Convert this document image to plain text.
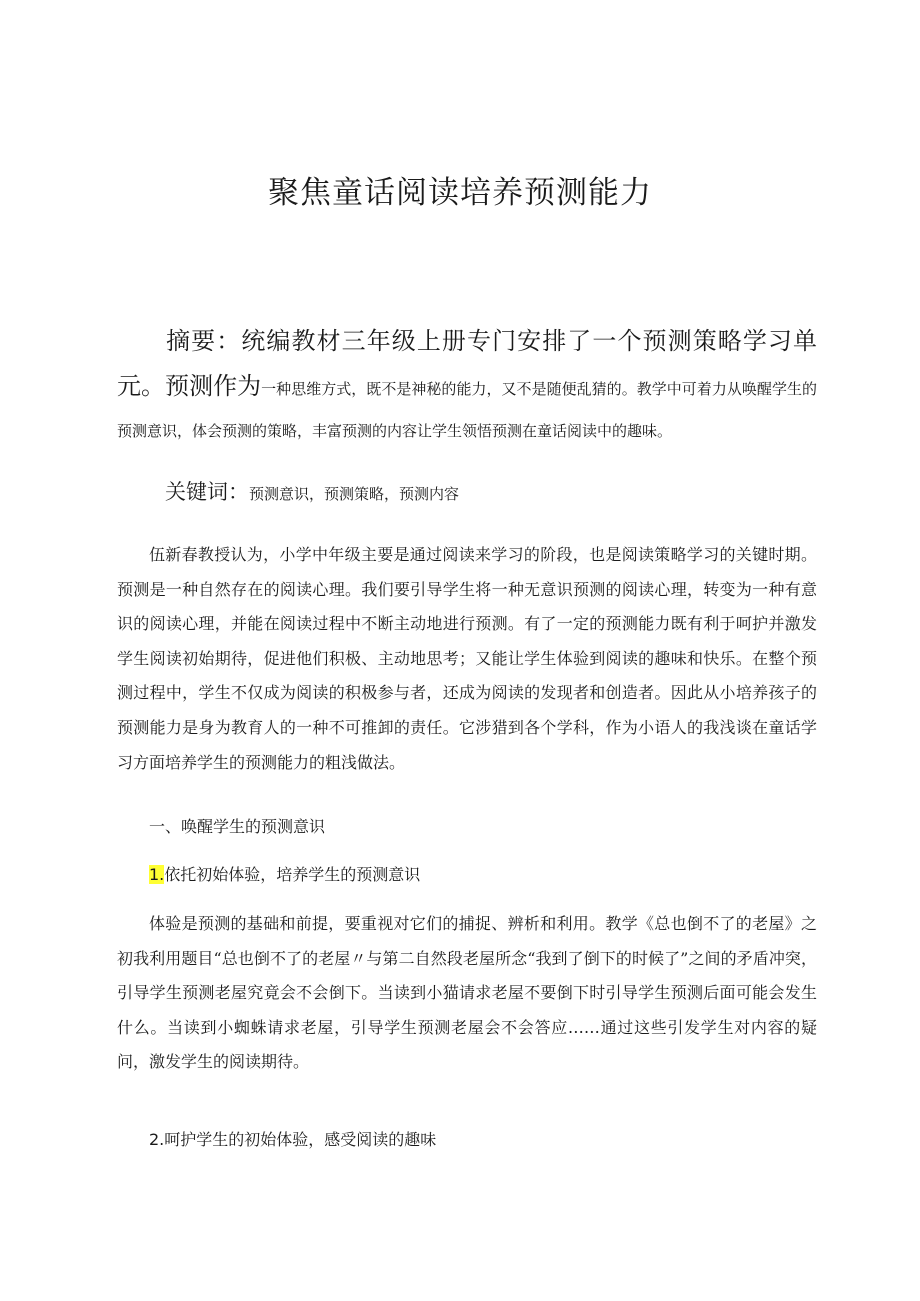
聚焦童话阅读培养预测能力

摘要：统编教材三年级上册专门安排了一个预测策略学习单元。预测作为一种思维方式，既不是神秘的能力，又不是随便乱猜的。教学中可着力从唤醒学生的预测意识，体会预测的策略，丰富预测的内容让学生领悟预测在童话阅读中的趣味。

关键词：预测意识，预测策略，预测内容

伍新春教授认为，小学中年级主要是通过阅读来学习的阶段，也是阅读策略学习的关键时期。预测是一种自然存在的阅读心理。我们要引导学生将一种无意识预测的阅读心理，转变为一种有意识的阅读心理，并能在阅读过程中不断主动地进行预测。有了一定的预测能力既有利于呵护并激发学生阅读初始期待，促进他们积极、主动地思考；又能让学生体验到阅读的趣味和快乐。在整个预测过程中，学生不仅成为阅读的积极参与者，还成为阅读的发现者和创造者。因此从小培养孩子的预测能力是身为教育人的一种不可推卸的责任。它涉猎到各个学科，作为小语人的我浅谈在童话学习方面培养学生的预测能力的粗浅做法。

一、唤醒学生的预测意识
1.依托初始体验，培养学生的预测意识

体验是预测的基础和前提，要重视对它们的捕捉、辨析和利用。教学《总也倒不了的老屋》之初我利用题目“总也倒不了的老屋〃与第二自然段老屋所念“我到了倒下的时候了”之间的矛盾冲突，引导学生预测老屋究竟会不会倒下。当读到小猫请求老屋不要倒下时引导学生预测后面可能会发生什么。当读到小蜘蛛请求老屋，引导学生预测老屋会不会答应……通过这些引发学生对内容的疑问，激发学生的阅读期待。

2.呵护学生的初始体验，感受阅读的趣味
